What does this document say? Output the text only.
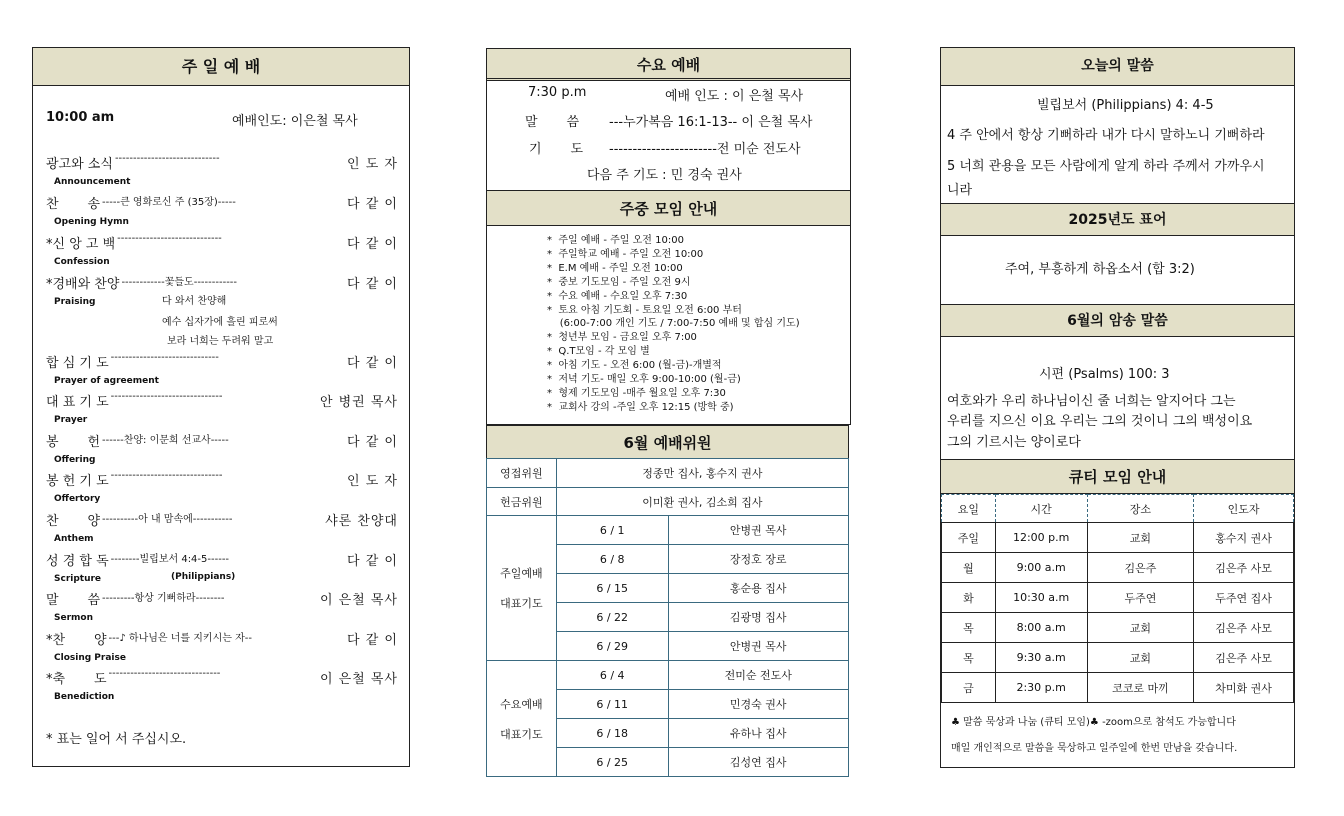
주 일 예 배
10:00 am	예배인도: 이은철 목사
광고와 소식 -----------------------------	인 도 자
Announcement
찬       송 -----큰 영화로신 주 (35장)-----	다 같 이
Opening Hymn
*신 앙 고 백 -----------------------------	다 같 이
Confession
*경배와 찬양 ------------꽃들도------------	다 같 이
Praising
합 심 기 도 ------------------------------	다 같 이
Prayer of agreement
대 표 기 도 -------------------------------	안 병권 목사
Prayer
봉       헌 ------찬양: 이문희 선교사-----	다 같 이
Offering
봉 헌 기 도 -------------------------------	인 도 자
Offertory
찬       양 ----------아 내 맘속에-----------	샤론 찬양대
Anthem
성 경 합 독 --------빌립보서 4:4-5------	다 같 이
Scripture
말       씀 ---------항상 기뻐하라--------	이 은철 목사
Sermon
*찬       양 ---♪ 하나님은 너를 지키시는 자--	다 같 이
Closing Praise
*축       도 -------------------------------	이 은철 목사
Benediction
다 와서 찬양해
예수 십자가에 흘린 피로써
보라 너희는 두려워 말고
(Philippians)
* 표는 일어 서 주십시오.
수요 예배
7:30 p.m	예배 인도 : 이 은철 목사
말       씀 ---누가복음 16:1-13-- 이 은철 목사
기       도 -----------------------전 미순 전도사
다음 주 기도 : 민 경숙 권사
주중 모임 안내
*  주일 예배 - 주일 오전 10:00
*  주일학교 예배 - 주일 오전 10:00
*  E.M 예배 - 주일 오전 10:00
*  중보 기도모임 - 주일 오전 9시
*  수요 예배 - 수요일 오후 7:30
*  토요 아침 기도회 - 토요일 오전 6:00 부터
(6:00-7:00 개인 기도 / 7:00-7:50 예배 및 합심 기도)
*  청년부 모임 - 금요일 오후 7:00
*  Q.T모임 - 각 모임 별
*  아침 기도 - 오전 6:00 (월-금)-개별적
*  저녁 기도- 매일 오후 9:00-10:00 (월-금)
*  형제 기도모임 -매주 월요일 오후 7:30
*  교회사 강의 -주일 오후 12:15 (방학 중)
6월 예배위원
영접위원	정종만 집사, 홍수지 권사	
헌금위원	이미환 권사, 김소희 집사	

주일예배
대표기도	6 / 1	안병권 목사
	6 / 8	장정호 장로
	6 / 15	홍순용 집사
	6 / 22	김광명 집사
	6 / 29	안병권 목사

수요예배
대표기도	6 / 4	전미순 전도사
	6 / 11	민경숙 권사
	6 / 18	유하나 집사
	6 / 25	김성연 집사
오늘의 말씀
빌립보서 (Philippians) 4: 4-5
4 주 안에서 항상 기뻐하라 내가 다시 말하노니 기뻐하라
5 너희 관용을 모든 사람에게 알게 하라 주께서 가까우시
니라
2025년도 표어
주여, 부흥하게 하옵소서 (합 3:2)
6월의 암송 말씀
시편 (Psalms) 100: 3
여호와가 우리 하나님이신 줄 너희는 알지어다 그는
우리를 지으신 이요 우리는 그의 것이니 그의 백성이요
그의 기르시는 양이로다
큐티 모임 안내
요일	시간	장소	인도자
주일	12:00 p.m	교회	홍수지 권사
월	9:00 a.m	김은주	김은주 사모
화	10:30 a.m	두주연	두주연 집사
목	8:00 a.m	교회	김은주 사모
목	9:30 a.m	교회	김은주 사모
금	2:30 p.m	코코로 마끼	차미화 권사
♣ 말씀 묵상과 나눔 (큐티 모임)♣ -zoom으로 참석도 가능합니다
매일 개인적으로 말씀을 묵상하고 일주일에 한번 만남을 갖습니다.
